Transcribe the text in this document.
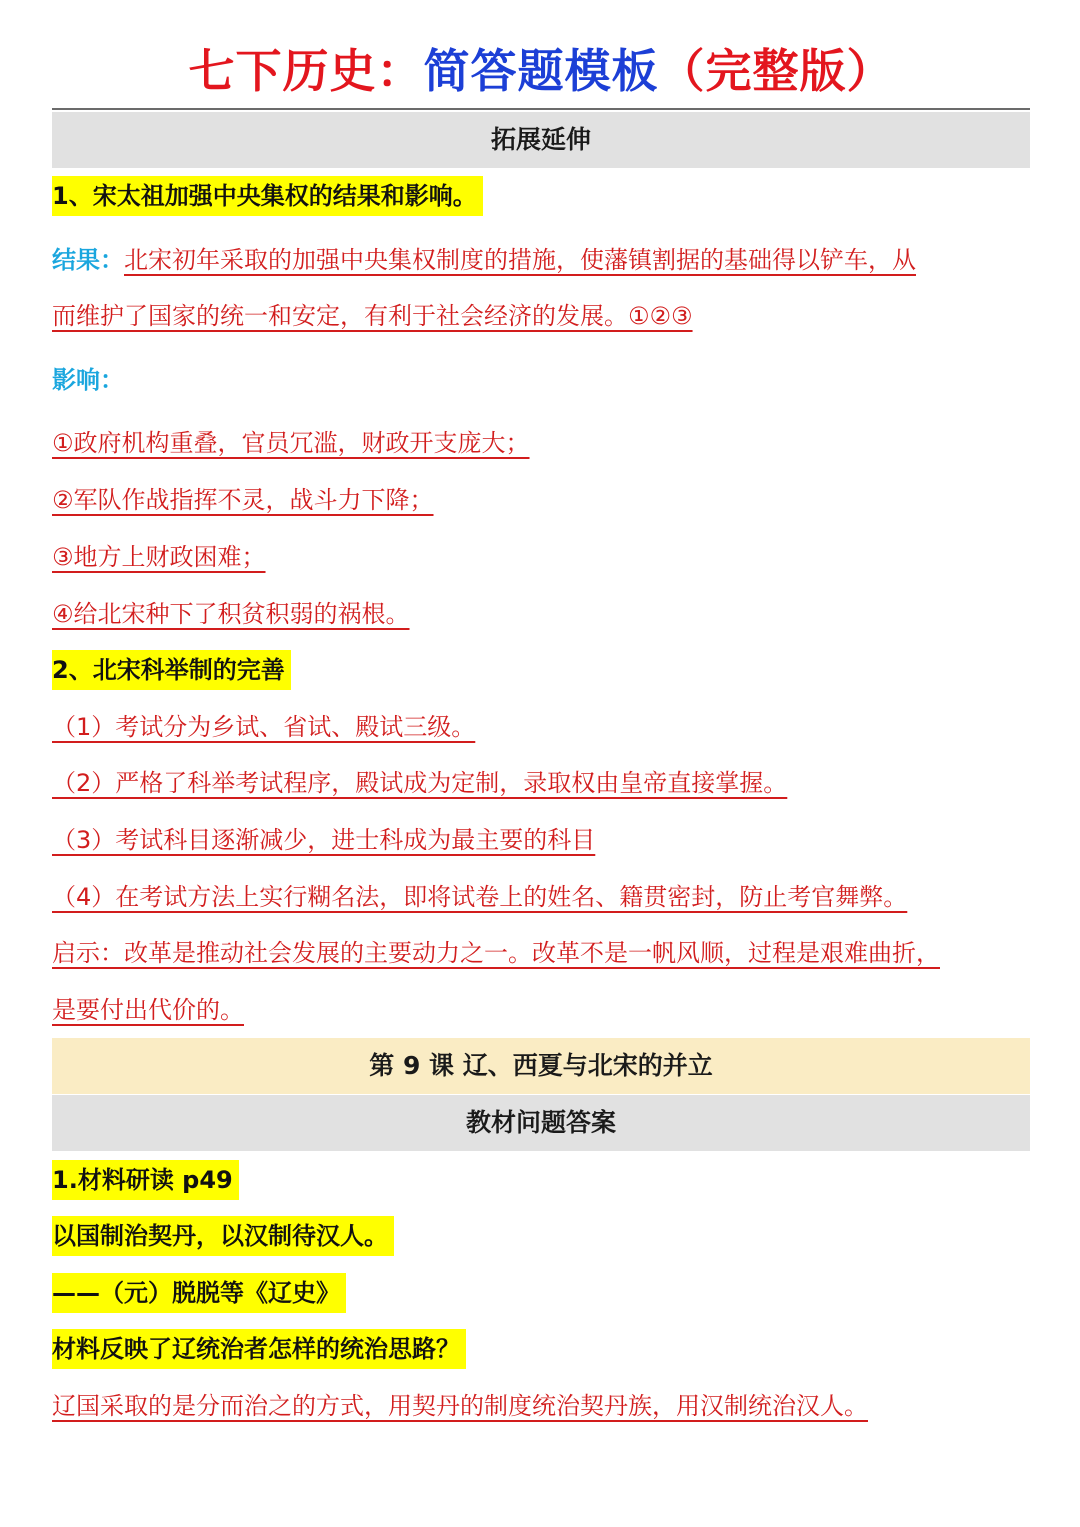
七下历史：简答题模板（完整版）
拓展延伸
1、宋太祖加强中央集权的结果和影响。
结果：北宋初年采取的加强中央集权制度的措施，使藩镇割据的基础得以铲车，从
而维护了国家的统一和安定，有利于社会经济的发展。①②③
影响：
①政府机构重叠，官员冗滥，财政开支庞大；
②军队作战指挥不灵，战斗力下降；
③地方上财政困难；
④给北宋种下了积贫积弱的祸根。
2、北宋科举制的完善
（1）考试分为乡试、省试、殿试三级。
（2）严格了科举考试程序，殿试成为定制，录取权由皇帝直接掌握。
（3）考试科目逐渐减少，进士科成为最主要的科目
（4）在考试方法上实行糊名法，即将试卷上的姓名、籍贯密封，防止考官舞弊。
启示：改革是推动社会发展的主要动力之一。改革不是一帆风顺，过程是艰难曲折，
是要付出代价的。
第 9 课 辽、西夏与北宋的并立
教材问题答案
1.材料研读 p49
以国制治契丹，以汉制待汉人。
——（元）脱脱等《辽史》
材料反映了辽统治者怎样的统治思路？
辽国采取的是分而治之的方式，用契丹的制度统治契丹族，用汉制统治汉人。
